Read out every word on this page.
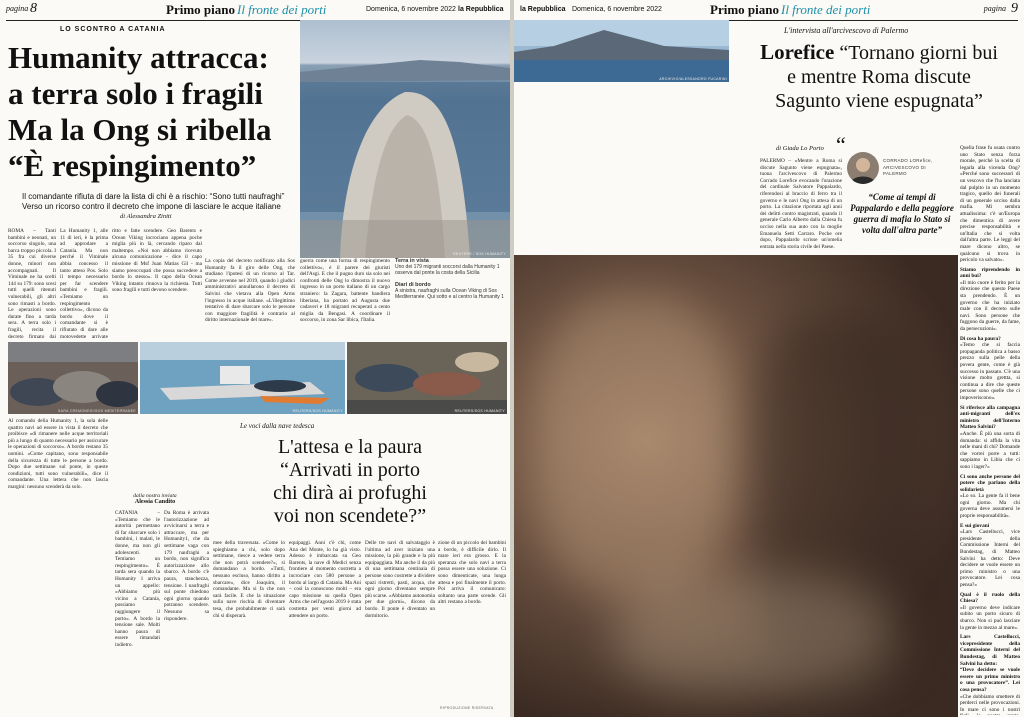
pagina 8	Primo piano Il fronte dei porti	Domenica, 6 novembre 2022 la Repubblica
LO SCONTRO A CATANIA
Humanity attracca:
a terra solo i fragili
Ma la Ong si ribella
“È respingimento”
Il comandante rifiuta di dare la lista di chi è a rischio: “Sono tutti naufraghi”
Verso un ricorso contro il decreto che impone di lasciare le acque italiane
di Alessandra Ziniti
REUTERS / SOS HUMANITY
ROMA – Tanti bambini e neonati, un soccorso singolo, una barca troppo piccola. I 35 fra cui diverse donne, minori non accompagnati. Il Viminale ne ha scelti 144 su 179: sono scesi tutti quelli ritenuti vulnerabili, gli altri sono rimasti a bordo. Le operazioni sono durate fino a tarda sera. A terra solo i fragili, recita il decreto firmato dai
La Humanity 1, alle 11 di ieri, è la prima ad approdare a Catania. Ma non perché il Viminale abbia concesso il tanto atteso Pos. Solo il tempo necessario per far scendere bambini e fragili. «Temiamo un respingimento collettivo», dicono da bordo dove il comandante si è rifiutato di dare alle motovedette arrivate
ritto e fatte scendere. Geo Barents e Ocean Viking incrociano appena poche miglia più in là, cercando riparo dal maltempo. «Noi non abbiamo ricevuto alcuna comunicazione - dice il capo missione di Msf Juan Matias Gil - ma siamo preoccupati che possa succedere a bordo lo stesso». Il capo della Ocean Viking intanto rinnova la richiesta. Tutti sono fragili e tutti devono scendere.
La copia del decreto notificato alla Sos Humanity fa il giro delle Ong, che studiano l'ipotesi di un ricorso al Tar. Come avvenne nel 2019, quando i giudici amministrativi annullarono il decreto di Salvini che vietava alla Open Arms l'ingresso in acque italiane. «L'illegittimo tentativo di dare sbarcare solo le persone con maggiore fragilità è contrario al diritto internazionale del mare».
guerra come una forma di respingimento collettivo», è il parere dei giuristi dell'Asgi. E che il pugno duro sia solo nei confronti delle Ong lo dimostra il nuovo ingresso in un porto italiano di un cargo straniero: la Zagara, battente bandiera liberiana, ha portato ad Augusta due cadaveri e 18 migranti recuperati a cento miglia da Bengasi. A coordinare il soccorso, in zona Sar libica, l'Italia.
Terra in vista
Uno dei 179 migranti soccorsi dalla Humanity 1 osserva dal ponte la costa della Sicilia
Diari di bordo
A sinistra, naufraghi sulla Ocean Viking di Sos Mediterranée. Qui sotto e al centro la Humanity 1
SARA CREMONESI/SOS MEDITERRANEE	REUTERS/SOS HUMANITY	REUTERS/SOS HUMANITY
Al comando della Humanity 1, la sola delle quattro navi ad essere in vista il decreto che proibisce «di rimanere nelle acque territoriali più a lungo di quanto necessario per assicurare le operazioni di soccorso». A bordo restano 35 uomini. «Come capitano, sono responsabile della sicurezza di tutte le persone a bordo. Dopo due settimane sul ponte, in queste condizioni, tutti sono vulnerabili», dice il comandante. Una lettera che non lascia margini: nessuno scenderà da solo.
Le voci dalla nave tedesca
L'attesa e la paura
“Arrivati in porto
chi dirà ai profughi
voi non scendete?”
dalla nostra inviata
Alessia Candito
CATANIA – «Temiamo che le autorità permettano di far sbarcare solo i bambini, i malati, le donne, ma non gli adolescenti. Temiamo un respingimento». È tarda sera quando la Humanity 1 arriva un appello: «Abbiamo più vicino a Catania, possiamo raggiungere il porto». A bordo la tensione sale. Molti hanno paura di essere rimandati indietro.
Da Roma è arrivata l'autorizzazione ad avvicinarsi a terra e attraccare, ma per Humanity1, che da settimane vaga con 179 naufraghi a bordo, non significa autorizzazione allo sbarco. A bordo c'è paura, stanchezza, tensione. I naufraghi sul ponte chiedono ogni giorno quando potranno scendere. Nessuno sa rispondere.
mee della traversata. «Come lo spieghiamo a chi, solo dopo settimane, riesce a vedere terra che non potrà scendere?», si domandano a bordo. «Tutti, nessuno escluso, hanno diritto a sbarcare», dice Joaquim, il comandante. Ma si fa che non sarà facile. E che la situazione sulla nave rischia di diventare tesa, che probabilmente ci sarà chi si disperarà.
equipaggi. Anni c'è chi, come Ana del Monte, lo ha già visto. Adesso è imbarcata su Geo Barents, la nave di Medici senza frontiere al momento costretta a incrociare con 580 persone a bordo al largo di Catania. Ma Ani – così la conoscono molti – era capo missione su quella Open Arms che nell'agosto 2019 è stata costretta per venti giorni ad attendere un porto.
Delle tre navi di salvataggio è l'ultima ad aver iniziato una missione, la più grande e la più equipaggiata. Ma anche il da più di una settimana centinaia di persone sono costrette a dividere spazi ristretti, pasti, acqua, che ogni giorno diventano sempre più scarse. «Abbiamo autonomia per due giorni», dicono da bordo. Il ponte è diventato un dormitorio.
zione di un piccolo dei bambini a bordo, è difficile dirlo. Il mare ieri era grosso. E la speranza che solo navi a terra possa essere una soluzione. Ci sono dimenticate, una lunga attesa e poi finalmente il porto. Poi arriva il comunicato: soltanto una parte scende. Gli altri restano a bordo.
RIPRODUZIONE RISERVATA
la Repubblica Domenica, 6 novembre 2022	Primo piano Il fronte dei porti	pagina 9
L'intervista all'arcivescovo di Palermo
Lorefice “Tornano giorni bui
e mentre Roma discute
Sagunto viene espugnata”
ARCHIVIO/ALESSANDRO FUCARINI
di Giada Lo Porto
PALERMO – «Mentre a Roma si discute Sagunto viene espugnata», tuona l'arcivescovo di Palermo Corrado Lorefice evocando l'orazione del cardinale Salvatore Pappalardo, riferendosi al braccio di ferro tra il governo e le navi Ong in attesa di un porto. La citazione riportata agli anni dei delitti contro magistrati, quando il generale Carlo Alberto dalla Chiesa fu ucciso nella sua auto con la moglie Emanuela Setti Carraro. Poche ore dopo, Pappalardo scrisse un'omelia entrata nella storia civile del Paese.
CORRADO LORefice,
ARCIVESCOVO DI PALERMO
“
“Come ai tempi di Pappalardo e della peggiore guerra di mafia lo Stato si volta dall'altra parte”
Quella frase fu usata contro uno Stato senza forza morale, perché la scelta di legarla alla vicenda Ong? «Perché sono successori di un vescovo che l'ha lanciata dal pulpito in un momento tragico, quello dei funerali di un generale ucciso dalla mafia. Mi sembra attualissima: c'è un'Europa che dimentica di avere precise responsabilità e un'Italia che si volta dall'altra parte. Le leggi del mare dicono altro, se qualcuno si trova in pericolo va salvato».
Stiamo riprendendo in anni bui?
«Il mio cuore è ferito per la direzione che questo Paese sta prendendo. È un governo che ha iniziato male con il decreto sulle navi. Sono persone che fuggono da guerre, da fame, da persecuzioni».
Di cosa ha paura?
«Temo che si faccia propaganda politica a basso prezzo sulla pelle della povera gente, come è già successo in passato. C'è una visione molto grettta, si continua a dire che queste persone sono quelle che ci impoveriscono».
Si riferisce alla campagna anti-migranti dell'ex ministro dell'Interno Matteo Salvini?
«Anche. È più una sorta di domanda: si affida la vita nelle mani di chi? Domande che vorrei porre a tutti: sappiamo in Libia che ci sono i lager?»
Ci sono anche persone del potere che parlano della solidarietà
«Lo so. La gente fa il bene ogni giorno. Ma chi governa deve assumersi le proprie responsabilità».
E sui giovani
«Lars Castellucci, vice presidente della Commissione Interni del Bundestag, di Matteo Salvini ha detto: Deve decidere se vuole essere un primo ministro o una provocatore. Lei cosa pensa?»
Qual è il ruolo della Chiesa?
«Il governo deve indicare subito un porto sicuro di sbarco. Non si può lasciare la gente in mezzo al mare».
Lars Castellucci, vicepresidente della Commissione Interni del Bundestag, di Matteo Salvini ha detto:
“Deve decidere se vuole essere un primo ministro o una provocatore”. Lei cosa pensa?
«Che dobbiamo smettere di perderci nelle provocazioni. In mare ci sono i nostri
